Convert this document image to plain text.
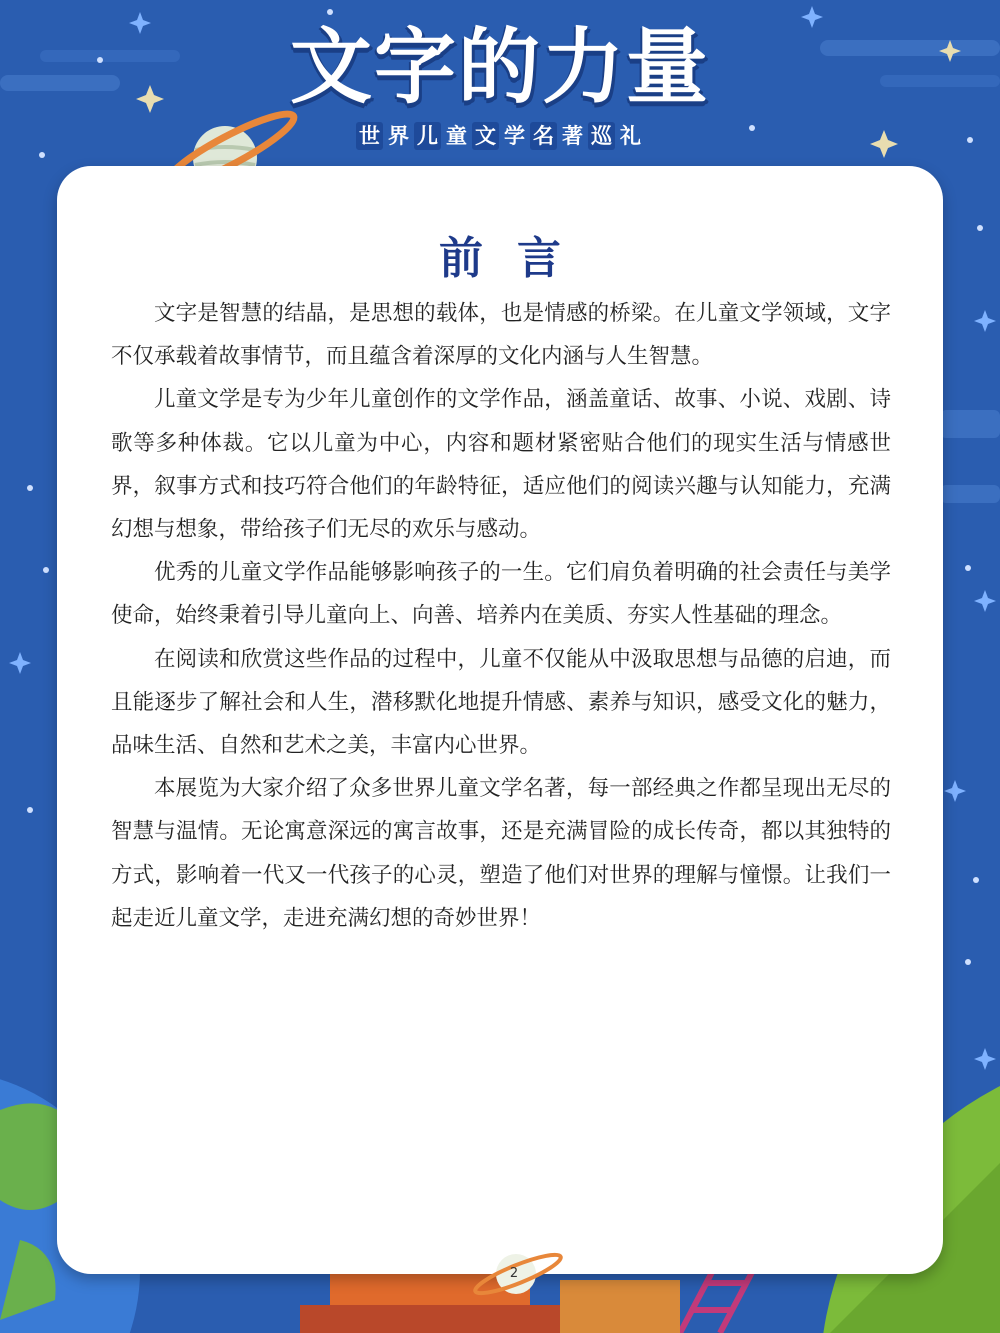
文字的力量
世 界 儿 童 文 学 名 著 巡 礼
前言

文字是智慧的结晶，是思想的载体，也是情感的桥梁。在儿童文学领域，文字不仅承载着故事情节，而且蕴含着深厚的文化内涵与人生智慧。

儿童文学是专为少年儿童创作的文学作品，涵盖童话、故事、小说、戏剧、诗歌等多种体裁。它以儿童为中心，内容和题材紧密贴合他们的现实生活与情感世界，叙事方式和技巧符合他们的年龄特征，适应他们的阅读兴趣与认知能力，充满幻想与想象，带给孩子们无尽的欢乐与感动。

优秀的儿童文学作品能够影响孩子的一生。它们肩负着明确的社会责任与美学使命，始终秉着引导儿童向上、向善、培养内在美质、夯实人性基础的理念。

在阅读和欣赏这些作品的过程中，儿童不仅能从中汲取思想与品德的启迪，而且能逐步了解社会和人生，潜移默化地提升情感、素养与知识，感受文化的魅力，品味生活、自然和艺术之美，丰富内心世界。

本展览为大家介绍了众多世界儿童文学名著，每一部经典之作都呈现出无尽的智慧与温情。无论寓意深远的寓言故事，还是充满冒险的成长传奇，都以其独特的方式，影响着一代又一代孩子的心灵，塑造了他们对世界的理解与憧憬。让我们一起走近儿童文学，走进充满幻想的奇妙世界！

2
